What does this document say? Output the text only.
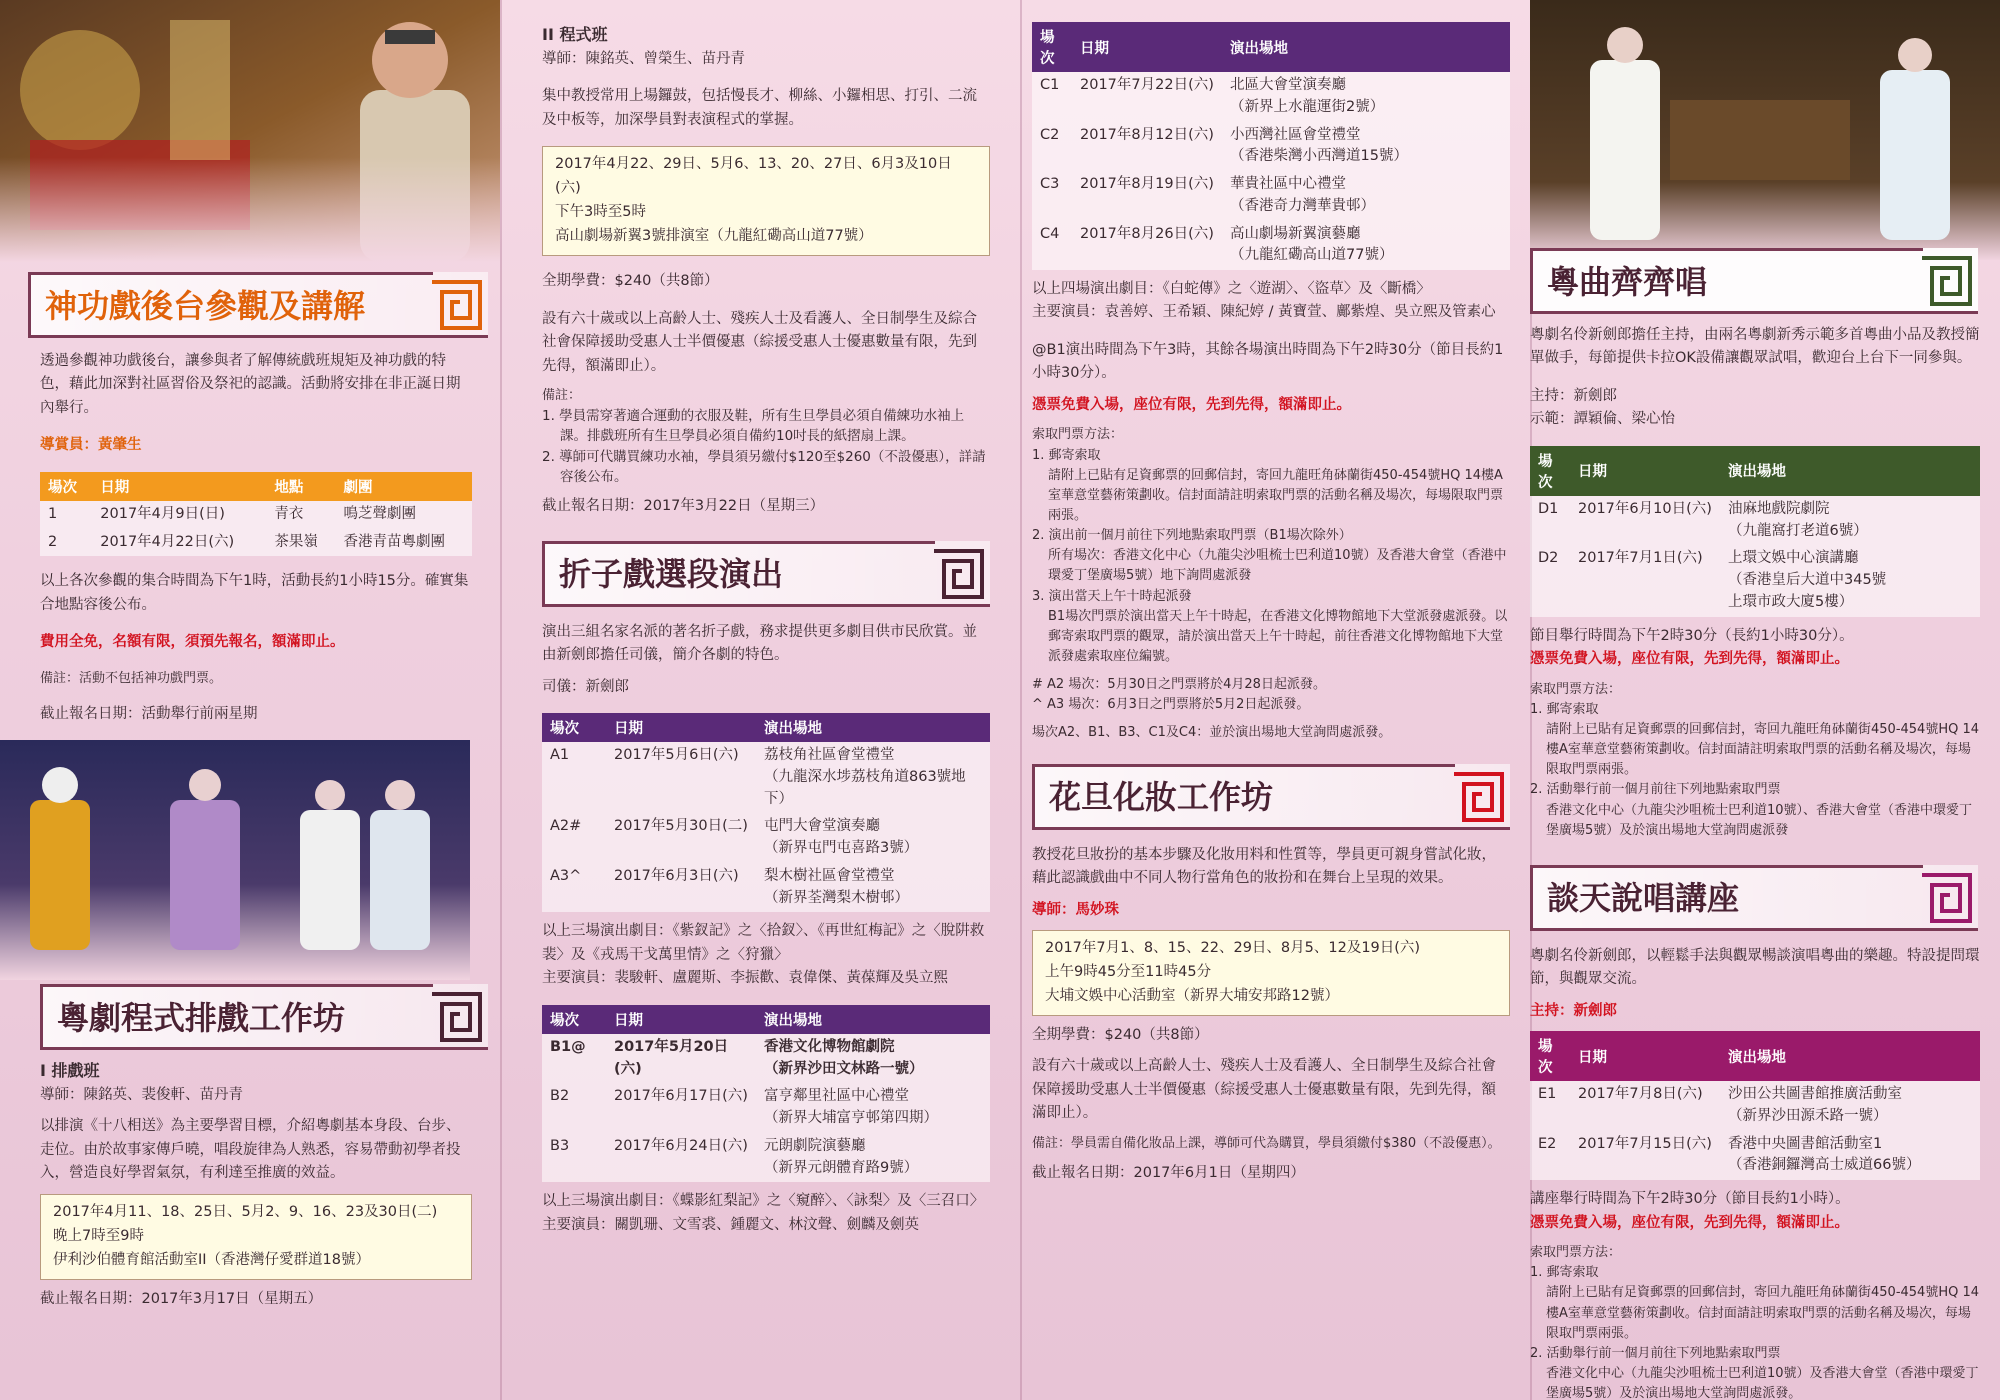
神功戲後台參觀及講解

透過參觀神功戲後台，讓參與者了解傳統戲班規矩及神功戲的特色，藉此加深對社區習俗及祭祀的認識。活動將安排在非正誕日期內舉行。

導賞員：黃肇生

場次	日期	地點	劇團
1	2017年4月9日(日)	青衣	鳴芝聲劇團
2	2017年4月22日(六)	茶果嶺	香港青苗粵劇團

以上各次參觀的集合時間為下午1時，活動長約1小時15分。確實集合地點容後公布。

費用全免，名額有限，須預先報名，額滿即止。

備註：活動不包括神功戲門票。

截止報名日期：活動舉行前兩星期

粵劇程式排戲工作坊

I 排戲班

導師：陳銘英、裴俊軒、苗丹青

以排演《十八相送》為主要學習目標，介紹粵劇基本身段、台步、走位。由於故事家傳戶曉，唱段旋律為人熟悉，容易帶動初學者投入，營造良好學習氣氛，有利達至推廣的效益。

2017年4月11、18、25日、5月2、9、16、23及30日(二)
晚上7時至9時
伊利沙伯體育館活動室II（香港灣仔愛群道18號）

截止報名日期：2017年3月17日（星期五）

II 程式班

導師：陳銘英、曾榮生、苗丹青

集中教授常用上場鑼鼓，包括慢長才、柳絲、小鑼相思、打引、二流及中板等，加深學員對表演程式的掌握。

2017年4月22、29日、5月6、13、20、27日、6月3及10日(六)
下午3時至5時
高山劇場新翼3號排演室（九龍紅磡高山道77號）

全期學費：$240（共8節）

設有六十歲或以上高齡人士、殘疾人士及看護人、全日制學生及綜合社會保障援助受惠人士半價優惠（綜援受惠人士優惠數量有限，先到先得，額滿即止）。

備註：

1. 學員需穿著適合運動的衣服及鞋，所有生旦學員必須自備練功水袖上課。排戲班所有生旦學員必須自備約10吋長的紙摺扇上課。
2. 導師可代購買練功水袖，學員須另繳付$120至$260（不設優惠），詳請容後公布。

截止報名日期：2017年3月22日（星期三）

折子戲選段演出

演出三組名家名派的著名折子戲，務求提供更多劇目供市民欣賞。並由新劍郎擔任司儀，簡介各劇的特色。

司儀：新劍郎

場次	日期	演出場地
A1	2017年5月6日(六)	荔枝角社區會堂禮堂
（九龍深水埗荔枝角道863號地下）

A2#	2017年5月30日(二)	屯門大會堂演奏廳
（新界屯門屯喜路3號）

A3^	2017年6月3日(六)	梨木樹社區會堂禮堂
（新界荃灣梨木樹邨）

以上三場演出劇目：《紫釵記》之〈拾釵〉、《再世紅梅記》之〈脫阱救裴〉及《戎馬干戈萬里情》之〈狩獵〉

主要演員：裴駿軒、盧麗斯、李振歡、袁偉傑、黃葆輝及吳立熙

場次	日期	演出場地
B1@	2017年5月20日(六)	香港文化博物館劇院
（新界沙田文林路一號）

B2	2017年6月17日(六)	富亨鄰里社區中心禮堂
（新界大埔富亨邨第四期）

B3	2017年6月24日(六)	元朗劇院演藝廳
（新界元朗體育路9號）

以上三場演出劇目：《蝶影紅梨記》之〈窺醉〉、〈詠梨〉及〈三召口〉

主要演員：關凱珊、文雪裘、鍾麗文、林汶聲、劍麟及劍英

場次	日期	演出場地
C1	2017年7月22日(六)	北區大會堂演奏廳
（新界上水龍運街2號）

C2	2017年8月12日(六)	小西灣社區會堂禮堂
（香港柴灣小西灣道15號）

C3	2017年8月19日(六)	華貴社區中心禮堂
（香港奇力灣華貴邨）

C4	2017年8月26日(六)	高山劇場新翼演藝廳
（九龍紅磡高山道77號）

以上四場演出劇目：《白蛇傳》之〈遊湖〉、〈盜草〉及〈斷橋〉

主要演員：袁善婷、王希穎、陳紀婷 / 黃寶萱、鄺紫煌、吳立熙及管素心

@B1演出時間為下午3時，其餘各場演出時間為下午2時30分（節目長約1小時30分）。

憑票免費入場，座位有限，先到先得，額滿即止。

索取門票方法：

1. 郵寄索取
請附上已貼有足資郵票的回郵信封，寄回九龍旺角砵蘭街450-454號HQ 14樓A室華意堂藝術策劃收。信封面請註明索取門票的活動名稱及場次，每場限取門票兩張。
2. 演出前一個月前往下列地點索取門票（B1場次除外）
所有場次：香港文化中心（九龍尖沙咀梳士巴利道10號）及香港大會堂（香港中環愛丁堡廣場5號）地下詢問處派發
3. 演出當天上午十時起派發
B1場次門票於演出當天上午十時起，在香港文化博物館地下大堂派發處派發。以郵寄索取門票的觀眾，請於演出當天上午十時起，前往香港文化博物館地下大堂派發處索取座位編號。

# A2 場次：5月30日之門票將於4月28日起派發。

^ A3 場次：6月3日之門票將於5月2日起派發。

場次A2、B1、B3、C1及C4：並於演出場地大堂詢問處派發。

花旦化妝工作坊

教授花旦妝扮的基本步驟及化妝用料和性質等，學員更可親身嘗試化妝，藉此認識戲曲中不同人物行當角色的妝扮和在舞台上呈現的效果。

導師：馬妙珠

2017年7月1、8、15、22、29日、8月5、12及19日(六)
上午9時45分至11時45分
大埔文娛中心活動室（新界大埔安邦路12號）

全期學費：$240（共8節）

設有六十歲或以上高齡人士、殘疾人士及看護人、全日制學生及綜合社會保障援助受惠人士半價優惠（綜援受惠人士優惠數量有限，先到先得，額滿即止）。

備註：學員需自備化妝品上課，導師可代為購買，學員須繳付$380（不設優惠）。

截止報名日期：2017年6月1日（星期四）

粵曲齊齊唱

粵劇名伶新劍郎擔任主持，由兩名粵劇新秀示範多首粵曲小品及教授簡單做手，每節提供卡拉OK設備讓觀眾試唱，歡迎台上台下一同參與。

主持：新劍郎

示範：譚穎倫、梁心怡

場次	日期	演出場地
D1	2017年6月10日(六)	油麻地戲院劇院
（九龍窩打老道6號）

D2	2017年7月1日(六)	上環文娛中心演講廳
（香港皇后大道中345號
上環市政大廈5樓）

節目舉行時間為下午2時30分（長約1小時30分）。

憑票免費入場，座位有限，先到先得，額滿即止。

索取門票方法：

1. 郵寄索取
請附上已貼有足資郵票的回郵信封，寄回九龍旺角砵蘭街450-454號HQ 14樓A室華意堂藝術策劃收。信封面請註明索取門票的活動名稱及場次，每場限取門票兩張。
2. 活動舉行前一個月前往下列地點索取門票
香港文化中心（九龍尖沙咀梳士巴利道10號）、香港大會堂（香港中環愛丁堡廣場5號）及於演出場地大堂詢問處派發
談天說唱講座

粵劇名伶新劍郎，以輕鬆手法與觀眾暢談演唱粵曲的樂趣。特設提問環節，與觀眾交流。

主持：新劍郎

場次	日期	演出場地
E1	2017年7月8日(六)	沙田公共圖書館推廣活動室
（新界沙田源禾路一號）

E2	2017年7月15日(六)	香港中央圖書館活動室1
（香港銅鑼灣高士威道66號）

講座舉行時間為下午2時30分（節目長約1小時）。

憑票免費入場，座位有限，先到先得，額滿即止。

索取門票方法：

1. 郵寄索取
請附上已貼有足資郵票的回郵信封，寄回九龍旺角砵蘭街450-454號HQ 14樓A室華意堂藝術策劃收。信封面請註明索取門票的活動名稱及場次，每場限取門票兩張。
2. 活動舉行前一個月前往下列地點索取門票
香港文化中心（九龍尖沙咀梳士巴利道10號）及香港大會堂（香港中環愛丁堡廣場5號）及於演出場地大堂詢問處派發。
